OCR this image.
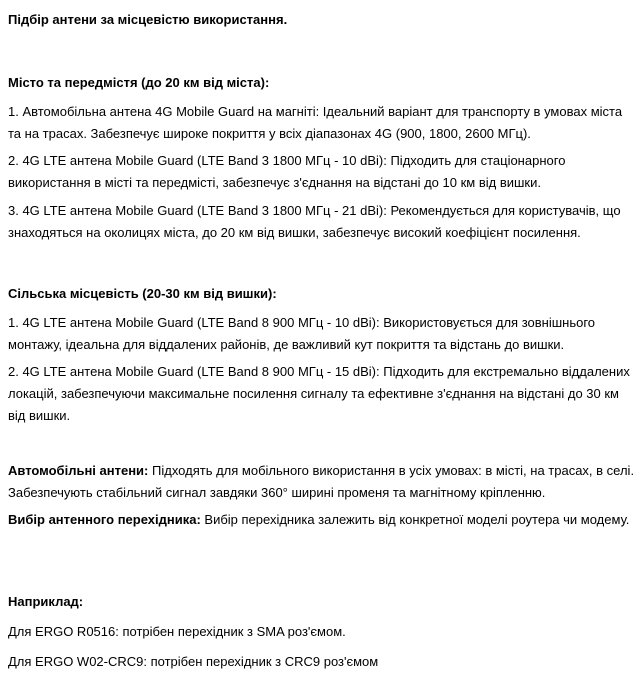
Підбір антени за місцевістю використання.

Місто та передмістя (до 20 км від міста):

1. Автомобільна антена 4G Mobile Guard на магніті: Ідеальний варіант для транспорту в умовах міста та на трасах. Забезпечує широке покриття у всіх діапазонах 4G (900, 1800, 2600 МГц).

2. 4G LTE антена Mobile Guard (LTE Band 3 1800 МГц - 10 dBi): Підходить для стаціонарного використання в місті та передмісті, забезпечує з'єднання на відстані до 10 км від вишки.

3. 4G LTE антена Mobile Guard (LTE Band 3 1800 МГц - 21 dBi): Рекомендується для користувачів, що знаходяться на околицях міста, до 20 км від вишки, забезпечує високий коефіцієнт посилення.

Сільська місцевість (20-30 км від вишки):

1. 4G LTE антена Mobile Guard (LTE Band 8 900 МГц - 10 dBi): Використовується для зовнішнього монтажу, ідеальна для віддалених районів, де важливий кут покриття та відстань до вишки.

2. 4G LTE антена Mobile Guard (LTE Band 8 900 МГц - 15 dBi): Підходить для екстремально віддалених локацій, забезпечуючи максимальне посилення сигналу та ефективне з'єднання на відстані до 30 км від вишки.

Автомобільні антени: Підходять для мобільного використання в усіх умовах: в місті, на трасах, в селі. Забезпечують стабільний сигнал завдяки 360° ширині променя та магнітному кріпленню.

Вибір антенного перехідника: Вибір перехідника залежить від конкретної моделі роутера чи модему.

Наприклад:

Для ERGO R0516: потрібен перехідник з SMA роз'ємом.

Для ERGO W02-CRC9: потрібен перехідник з CRC9 роз'ємом
